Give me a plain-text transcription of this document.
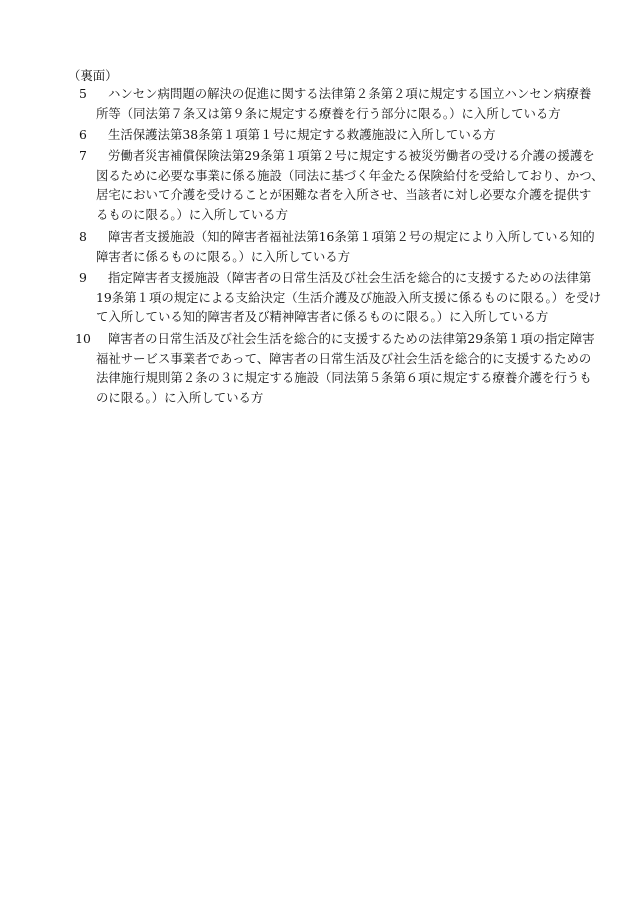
（裏面）
5	ハンセン病問題の解決の促進に関する法律第２条第２項に規定する国立ハンセン病療養
所等（同法第７条又は第９条に規定する療養を行う部分に限る。）に入所している方
6	生活保護法第38条第１項第１号に規定する救護施設に入所している方
7	労働者災害補償保険法第29条第１項第２号に規定する被災労働者の受ける介護の援護を
図るために必要な事業に係る施設（同法に基づく年金たる保険給付を受給しており、かつ、
居宅において介護を受けることが困難な者を入所させ、当該者に対し必要な介護を提供す
るものに限る。）に入所している方
8	障害者支援施設（知的障害者福祉法第16条第１項第２号の規定により入所している知的
障害者に係るものに限る。）に入所している方
9	指定障害者支援施設（障害者の日常生活及び社会生活を総合的に支援するための法律第
19条第１項の規定による支給決定（生活介護及び施設入所支援に係るものに限る。）を受け
て入所している知的障害者及び精神障害者に係るものに限る。）に入所している方
10 障害者の日常生活及び社会生活を総合的に支援するための法律第29条第１項の指定障害
福祉サービス事業者であって、障害者の日常生活及び社会生活を総合的に支援するための
法律施行規則第２条の３に規定する施設（同法第５条第６項に規定する療養介護を行うも
のに限る。）に入所している方
